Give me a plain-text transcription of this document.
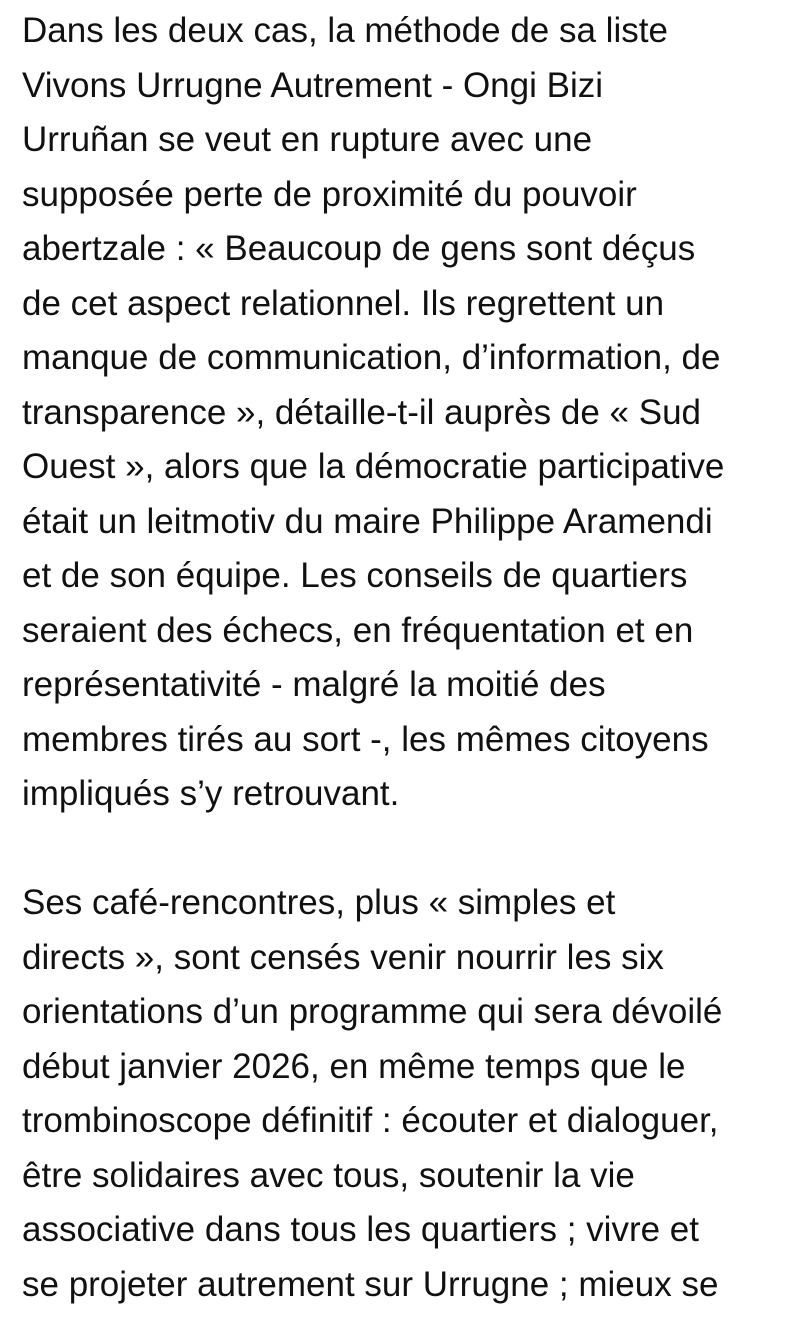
Dans les deux cas, la méthode de sa liste
Vivons Urrugne Autrement - Ongi Bizi
Urruñan se veut en rupture avec une
supposée perte de proximité du pouvoir
abertzale : « Beaucoup de gens sont déçus
de cet aspect relationnel. Ils regrettent un
manque de communication, d’information, de
transparence », détaille-t-il auprès de « Sud
Ouest », alors que la démocratie participative
était un leitmotiv du maire Philippe Aramendi
et de son équipe. Les conseils de quartiers
seraient des échecs, en fréquentation et en
représentativité - malgré la moitié des
membres tirés au sort -, les mêmes citoyens
impliqués s’y retrouvant.
Ses café-rencontres, plus « simples et
directs », sont censés venir nourrir les six
orientations d’un programme qui sera dévoilé
début janvier 2026, en même temps que le
trombinoscope définitif : écouter et dialoguer,
être solidaires avec tous, soutenir la vie
associative dans tous les quartiers ; vivre et
se projeter autrement sur Urrugne ; mieux se
